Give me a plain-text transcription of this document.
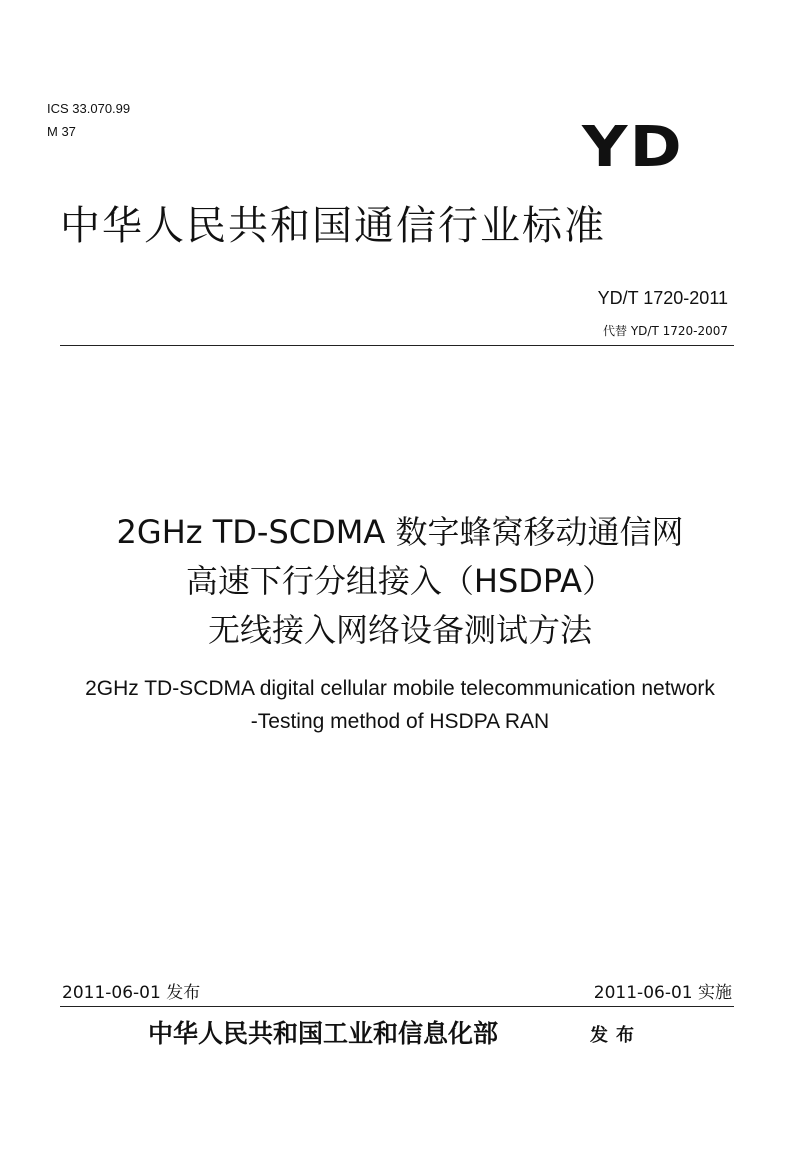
ICS 33.070.99
M 37	YD
中华人民共和国通信行业标准
YD/T 1720-2011
代替 YD/T 1720-2007
2GHz TD-SCDMA 数字蜂窝移动通信网
高速下行分组接入（HSDPA）
无线接入网络设备测试方法
2GHz TD-SCDMA digital cellular mobile telecommunication network
-Testing method of HSDPA RAN
2011-06-01 发布	2011-06-01 实施
中华人民共和国工业和信息化部	发布
